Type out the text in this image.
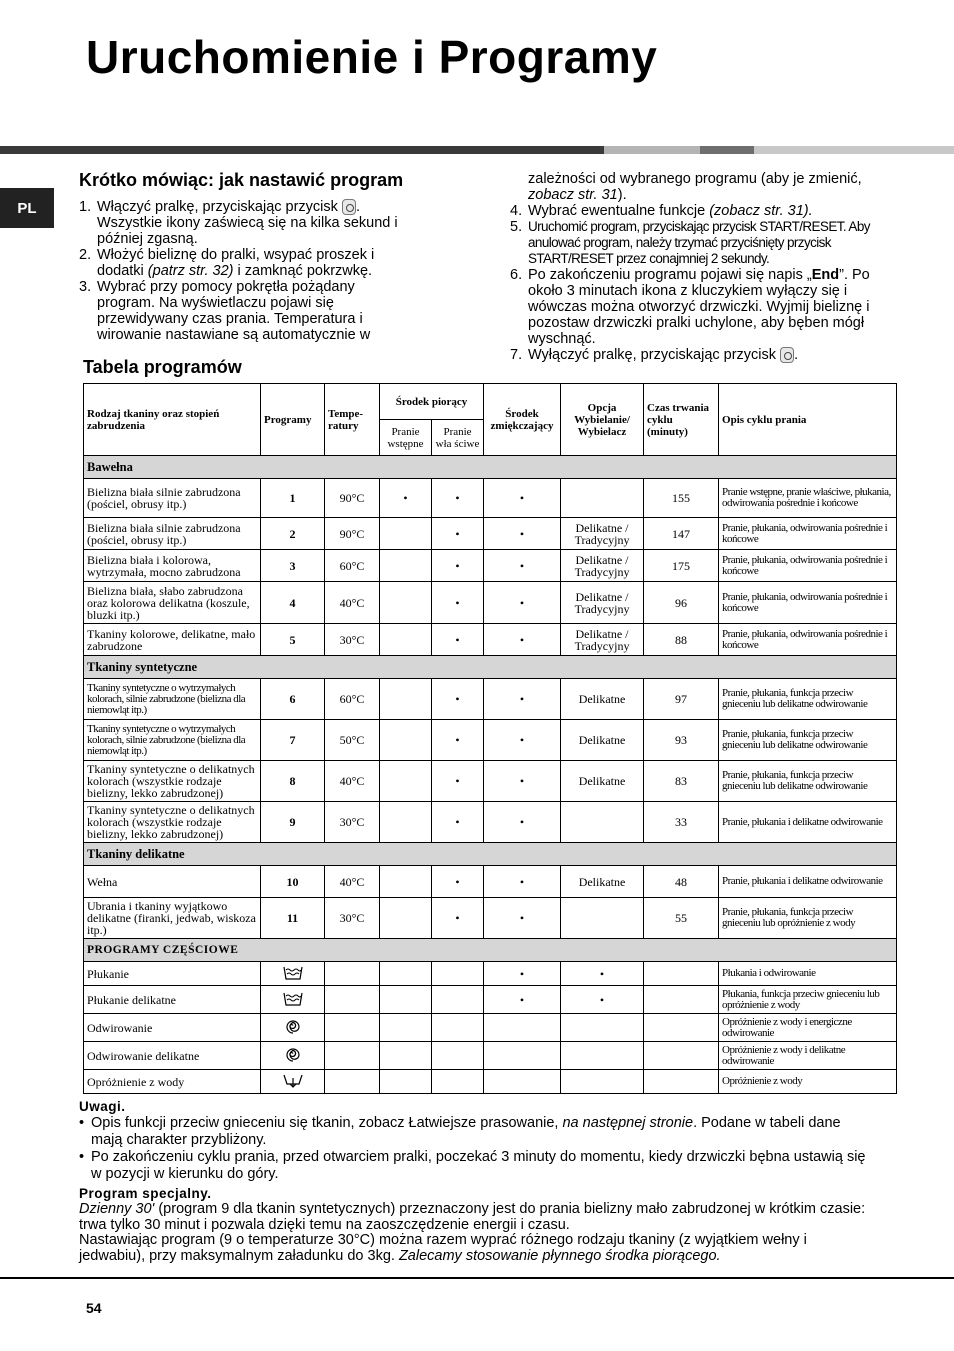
Uruchomienie i Programy
PL
Krótko mówiąc: jak nastawić program
1. Włączyć pralkę, przyciskając przycisk . Wszystkie ikony zaświecą się na kilka sekund i później zgasną.
2. Włożyć bieliznę do pralki, wsypać proszek i dodatki (patrz str. 32) i zamknąć pokrzwkę.
3. Wybrać przy pomocy pokrętła pożądany program. Na wyświetlaczu pojawi się przewidywany czas prania. Temperatura i wirowanie nastawiane są automatycznie w

zależności od wybranego programu (aby je zmienić, zobacz str. 31).

4. Wybrać ewentualne funkcje (zobacz str. 31).
5. Uruchomić program, przyciskając przycisk START/RESET. Aby anulować program, należy trzymać przyciśnięty przycisk START/RESET przez conajmniej 2 sekundy.
6. Po zakończeniu programu pojawi się napis „End”. Po około 3 minutach ikona z kluczykiem wyłączy się i wówczas można otworzyć drzwiczki. Wyjmij bieliznę i pozostaw drzwiczki pralki uchylone, aby bęben mógł wyschnąć.
7. Wyłączyć pralkę, przyciskając przycisk .
Tabela programów
Rodzaj tkaniny oraz stopień zabrudzenia	Programy	Tempe-ratury	Środek piorący		Środek zmiękczający	Opcja Wybielanie/ Wybielacz	Czas trwania cyklu (minuty)	Opis cyklu prania
			Pranie wstępne	Pranie wła ściwe				
Bawełna								
Bielizna biała silnie zabrudzona (pościel, obrusy itp.)	1	90°C	•	•	•		155	Pranie wstępne, pranie właściwe, płukania, odwirowania pośrednie i końcowe
Bielizna biała silnie zabrudzona (pościel, obrusy itp.)	2	90°C		•	•	Delikatne / Tradycyjny	147	Pranie, płukania, odwirowania pośrednie i końcowe
Bielizna biała i kolorowa, wytrzymała, mocno zabrudzona	3	60°C		•	•	Delikatne / Tradycyjny	175	Pranie, płukania, odwirowania pośrednie i końcowe
Bielizna biała, słabo zabrudzona oraz kolorowa delikatna (koszule, bluzki itp.)	4	40°C		•	•	Delikatne / Tradycyjny	96	Pranie, płukania, odwirowania pośrednie i końcowe
Tkaniny kolorowe, delikatne, mało zabrudzone	5	30°C		•	•	Delikatne / Tradycyjny	88	Pranie, płukania, odwirowania pośrednie i końcowe
Tkaniny syntetyczne								
Tkaniny syntetyczne o wytrzymałych kolorach, silnie zabrudzone (bielizna dla niemowląt itp.)	6	60°C		•	•	Delikatne	97	Pranie, płukania, funkcja przeciw gnieceniu lub delikatne odwirowanie
Tkaniny syntetyczne o wytrzymałych kolorach, silnie zabrudzone (bielizna dla niemowląt itp.)	7	50°C		•	•	Delikatne	93	Pranie, płukania, funkcja przeciw gnieceniu lub delikatne odwirowanie
Tkaniny syntetyczne o delikatnych kolorach (wszystkie rodzaje bielizny, lekko zabrudzonej)	8	40°C		•	•	Delikatne	83	Pranie, płukania, funkcja przeciw gnieceniu lub delikatne odwirowanie
Tkaniny syntetyczne o delikatnych kolorach (wszystkie rodzaje bielizny, lekko zabrudzonej)	9	30°C		•	•		33	Pranie, płukania i delikatne odwirowanie
Tkaniny delikatne								
Wełna	10	40°C		•	•	Delikatne	48	Pranie, płukania i delikatne odwirowanie
Ubrania i tkaniny wyjątkowo delikatne (firanki, jedwab, wiskoza itp.)	11	30°C		•	•		55	Pranie, płukania, funkcja przeciw gnieceniu lub opróżnienie z wody
PROGRAMY CZĘŚCIOWE								
Płukanie					•	•		Płukania i odwirowanie
Płukanie delikatne					•	•		Płukania, funkcja przeciw gnieceniu lub opróżnienie z wody
Odwirowanie								Opróżnienie z wody i energiczne odwirowanie
Odwirowanie delikatne								Opróżnienie z wody i delikatne odwirowanie
Opróżnienie z wody								Opróżnienie z wody

Uwagi.

• Opis funkcji przeciw gnieceniu się tkanin, zobacz Łatwiejsze prasowanie, na następnej stronie. Podane w tabeli dane mają charakter przybliżony.

• Po zakończeniu cyklu prania, przed otwarciem pralki, poczekać 3 minuty do momentu, kiedy drzwiczki bębna ustawią się w pozycji w kierunku do góry.

Program specjalny.

Dzienny 30' (program 9 dla tkanin syntetycznych) przeznaczony jest do prania bielizny mało zabrudzonej w krótkim czasie: trwa tylko 30 minut i pozwala dzięki temu na zaoszczędzenie energii i czasu.

Nastawiając program (9 o temperaturze 30°C) można razem wyprać różnego rodzaju tkaniny (z wyjątkiem wełny i jedwabiu), przy maksymalnym załadunku do 3kg. Zalecamy stosowanie płynnego środka piorącego.

54
